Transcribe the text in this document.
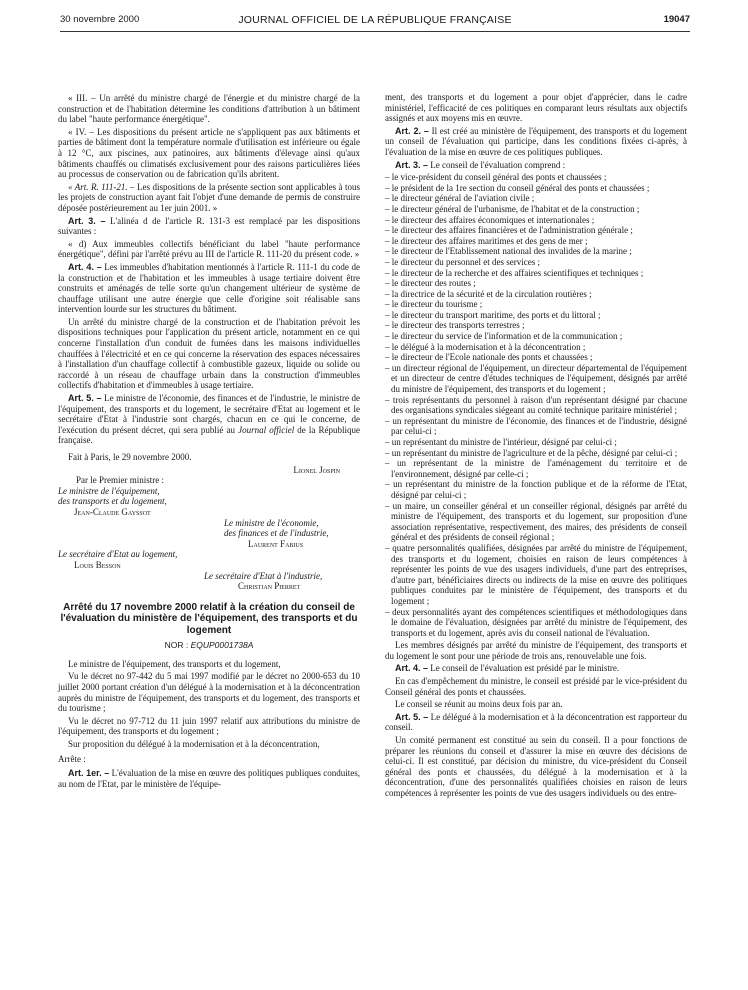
30 novembre 2000	JOURNAL OFFICIEL DE LA RÉPUBLIQUE FRANÇAISE	19047

« III. – Un arrêté du ministre chargé de l'énergie et du ministre chargé de la construction et de l'habitation détermine les conditions d'attribution à un bâtiment du label "haute performance énergétique".

« IV. – Les dispositions du présent article ne s'appliquent pas aux bâtiments et parties de bâtiment dont la température normale d'utilisation est inférieure ou égale à 12 °C, aux piscines, aux patinoires, aux bâtiments d'élevage ainsi qu'aux bâtiments chauffés ou climatisés exclusivement pour des raisons particulières liées au processus de conservation ou de fabrication qu'ils abritent.

« Art. R. 111-21. – Les dispositions de la présente section sont applicables à tous les projets de construction ayant fait l'objet d'une demande de permis de construire déposée postérieurement au 1er juin 2001. »

Art. 3. – L'alinéa d de l'article R. 131-3 est remplacé par les dispositions suivantes :

« d) Aux immeubles collectifs bénéficiant du label "haute performance énergétique", défini par l'arrêté prévu au III de l'article R. 111-20 du présent code. »

Art. 4. – Les immeubles d'habitation mentionnés à l'article R. 111-1 du code de la construction et de l'habitation et les immeubles à usage tertiaire doivent être construits et aménagés de telle sorte qu'un changement ultérieur de système de chauffage utilisant une autre énergie que celle d'origine soit réalisable sans intervention lourde sur les structures du bâtiment.

Un arrêté du ministre chargé de la construction et de l'habitation prévoit les dispositions techniques pour l'application du présent article, notamment en ce qui concerne l'installation d'un conduit de fumées dans les maisons individuelles chauffées à l'électricité et en ce qui concerne la réservation des espaces nécessaires à l'installation d'un chauffage collectif à combustible gazeux, liquide ou solide ou raccordé à un réseau de chauffage urbain dans la construction d'immeubles collectifs d'habitation et d'immeubles à usage tertiaire.

Art. 5. – Le ministre de l'économie, des finances et de l'industrie, le ministre de l'équipement, des transports et du logement, le secrétaire d'Etat au logement et le secrétaire d'Etat à l'industrie sont chargés, chacun en ce qui le concerne, de l'exécution du présent décret, qui sera publié au Journal officiel de la République française.

Fait à Paris, le 29 novembre 2000.

Lionel Jospin
Par le Premier ministre :
Le ministre de l'équipement,
des transports et du logement,
Jean-Claude Gayssot
Le ministre de l'économie,
des finances et de l'industrie,
Laurent Fabius
Le secrétaire d'Etat au logement,
Louis Besson
Le secrétaire d'Etat à l'industrie,
Christian Pierret
Arrêté du 17 novembre 2000 relatif à la création du conseil de l'évaluation du ministère de l'équipement, des transports et du logement
NOR : EQUP0001738A

Le ministre de l'équipement, des transports et du logement,

Vu le décret no 97-442 du 5 mai 1997 modifié par le décret no 2000-653 du 10 juillet 2000 portant création d'un délégué à la modernisation et à la déconcentration auprès du ministre de l'équipement, des transports et du logement, des transports et du tourisme ;

Vu le décret no 97-712 du 11 juin 1997 relatif aux attributions du ministre de l'équipement, des transports et du logement ;

Sur proposition du délégué à la modernisation et à la déconcentration,

Arrête :

Art. 1er. – L'évaluation de la mise en œuvre des politiques publiques conduites, au nom de l'Etat, par le ministère de l'équipe-

ment, des transports et du logement a pour objet d'apprécier, dans le cadre ministériel, l'efficacité de ces politiques en comparant leurs résultats aux objectifs assignés et aux moyens mis en œuvre.

Art. 2. – Il est créé au ministère de l'équipement, des transports et du logement un conseil de l'évaluation qui participe, dans les conditions fixées ci-après, à l'évaluation de la mise en œuvre de ces politiques publiques.

Art. 3. – Le conseil de l'évaluation comprend :

– le vice-président du conseil général des ponts et chaussées ;
– le président de la 1re section du conseil général des ponts et chaussées ;
– le directeur général de l'aviation civile ;
– le directeur général de l'urbanisme, de l'habitat et de la construction ;
– le directeur des affaires économiques et internationales ;
– le directeur des affaires financières et de l'administration générale ;
– le directeur des affaires maritimes et des gens de mer ;
– le directeur de l'Etablissement national des invalides de la marine ;
– le directeur du personnel et des services ;
– le directeur de la recherche et des affaires scientifiques et techniques ;
– le directeur des routes ;
– la directrice de la sécurité et de la circulation routières ;
– le directeur du tourisme ;
– le directeur du transport maritime, des ports et du littoral ;
– le directeur des transports terrestres ;
– le directeur du service de l'information et de la communication ;
– le délégué à la modernisation et à la déconcentration ;
– le directeur de l'Ecole nationale des ponts et chaussées ;
– un directeur régional de l'équipement, un directeur départemental de l'équipement et un directeur de centre d'études techniques de l'équipement, désignés par arrêté du ministre de l'équipement, des transports et du logement ;
– trois représentants du personnel à raison d'un représentant désigné par chacune des organisations syndicales siégeant au comité technique paritaire ministériel ;
– un représentant du ministre de l'économie, des finances et de l'industrie, désigné par celui-ci ;
– un représentant du ministre de l'intérieur, désigné par celui-ci ;
– un représentant du ministre de l'agriculture et de la pêche, désigné par celui-ci ;
– un représentant de la ministre de l'aménagement du territoire et de l'environnement, désigné par celle-ci ;
– un représentant du ministre de la fonction publique et de la réforme de l'Etat, désigné par celui-ci ;
– un maire, un conseiller général et un conseiller régional, désignés par arrêté du ministre de l'équipement, des transports et du logement, sur proposition d'une association représentative, respectivement, des maires, des présidents de conseil général et des présidents de conseil régional ;
– quatre personnalités qualifiées, désignées par arrêté du ministre de l'équipement, des transports et du logement, choisies en raison de leurs compétences à représenter les points de vue des usagers individuels, d'une part des entreprises, d'autre part, bénéficiaires directs ou indirects de la mise en œuvre des politiques publiques conduites par le ministère de l'équipement, des transports et du logement ;
– deux personnalités ayant des compétences scientifiques et méthodologiques dans le domaine de l'évaluation, désignées par arrêté du ministre de l'équipement, des transports et du logement, après avis du conseil national de l'évaluation.

Les membres désignés par arrêté du ministre de l'équipement, des transports et du logement le sont pour une période de trois ans, renouvelable une fois.

Art. 4. – Le conseil de l'évaluation est présidé par le ministre.

En cas d'empêchement du ministre, le conseil est présidé par le vice-président du Conseil général des ponts et chaussées.

Le conseil se réunit au moins deux fois par an.

Art. 5. – Le délégué à la modernisation et à la déconcentration est rapporteur du conseil.

Un comité permanent est constitué au sein du conseil. Il a pour fonctions de préparer les réunions du conseil et d'assurer la mise en œuvre des décisions de celui-ci. Il est constitué, par décision du ministre, du vice-président du Conseil général des ponts et chaussées, du délégué à la modernisation et à la déconcentration, d'une des personnalités qualifiées choisies en raison de leurs compétences à représenter les points de vue des usagers individuels ou des entre-
